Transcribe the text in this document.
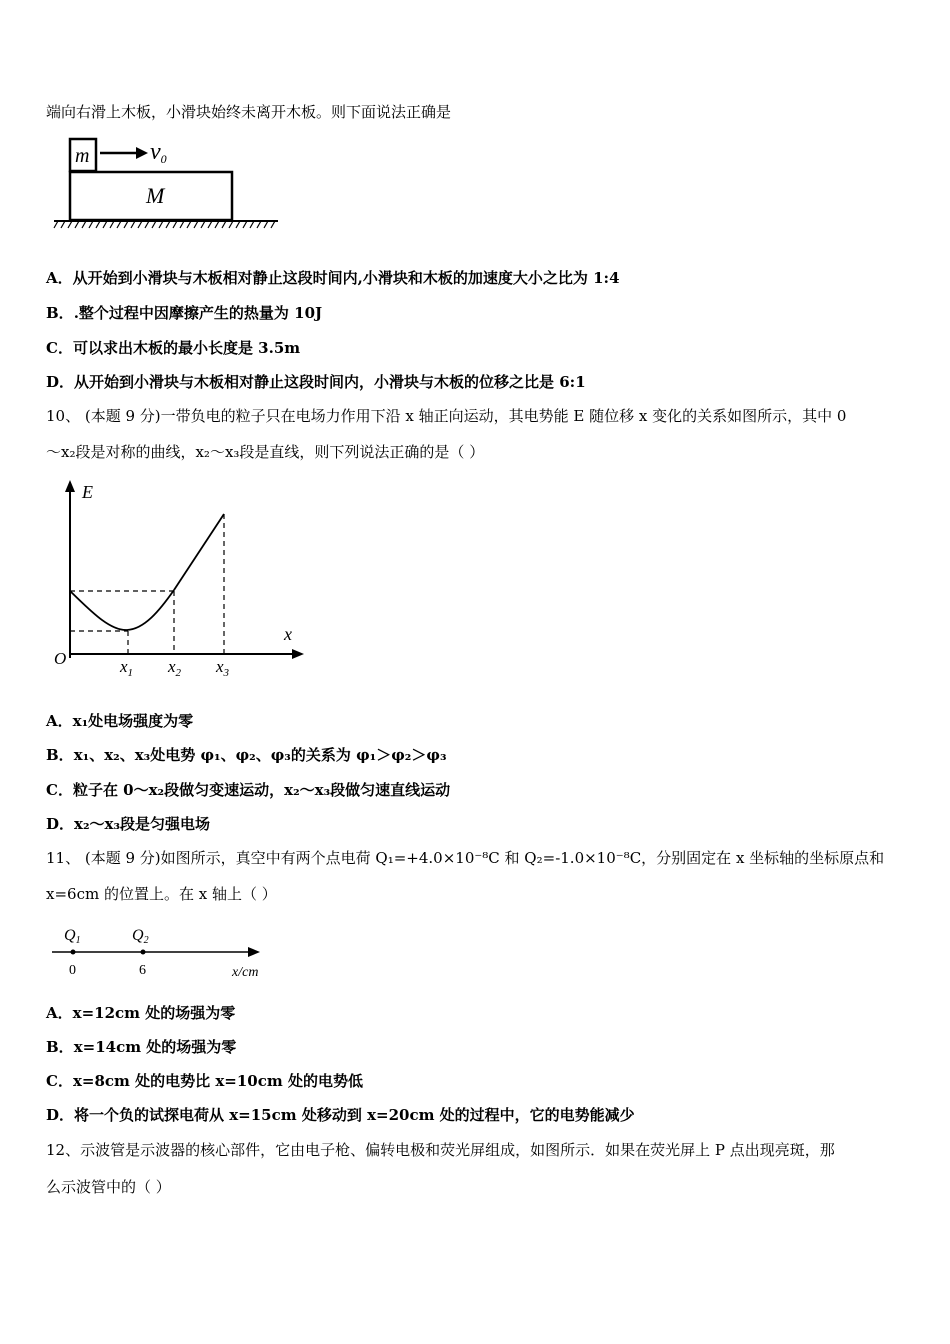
端向右滑上木板，小滑块始终未离开木板。则下面说法正确是
m	v0
M
A．从开始到小滑块与木板相对静止这段时间内,小滑块和木板的加速度大小之比为 1:4
B．.整个过程中因摩擦产生的热量为 10J
C．可以求出木板的最小长度是 3.5m
D．从开始到小滑块与木板相对静止这段时间内，小滑块与木板的位移之比是 6:1
10、 (本题 9 分)一带负电的粒子只在电场力作用下沿 x 轴正向运动，其电势能 E 随位移 x 变化的关系如图所示，其中 0
～x₂段是对称的曲线，x₂～x₃段是直线，则下列说法正确的是（ ）
E
x
O	$x_1$ $x_2$ $x_3$
A．x₁处电场强度为零
B．x₁、x₂、x₃处电势 φ₁、φ₂、φ₃的关系为 φ₁＞φ₂＞φ₃
C．粒子在 0～x₂段做匀变速运动，x₂～x₃段做匀速直线运动
D．x₂～x₃段是匀强电场
11、 (本题 9 分)如图所示，真空中有两个点电荷 Q₁=+4.0×10⁻⁸C 和 Q₂=-1.0×10⁻⁸C，分别固定在 x 坐标轴的坐标原点和
x=6cm 的位置上。在 x 轴上（ ）
Q1	Q2
0	6	x/cm
A．x=12cm 处的场强为零
B．x=14cm 处的场强为零
C．x=8cm 处的电势比 x=10cm 处的电势低
D．将一个负的试探电荷从 x=15cm 处移动到 x=20cm 处的过程中，它的电势能减少
12、示波管是示波器的核心部件，它由电子枪、偏转电极和荧光屏组成，如图所示．如果在荧光屏上 P 点出现亮斑，那
么示波管中的（ ）
